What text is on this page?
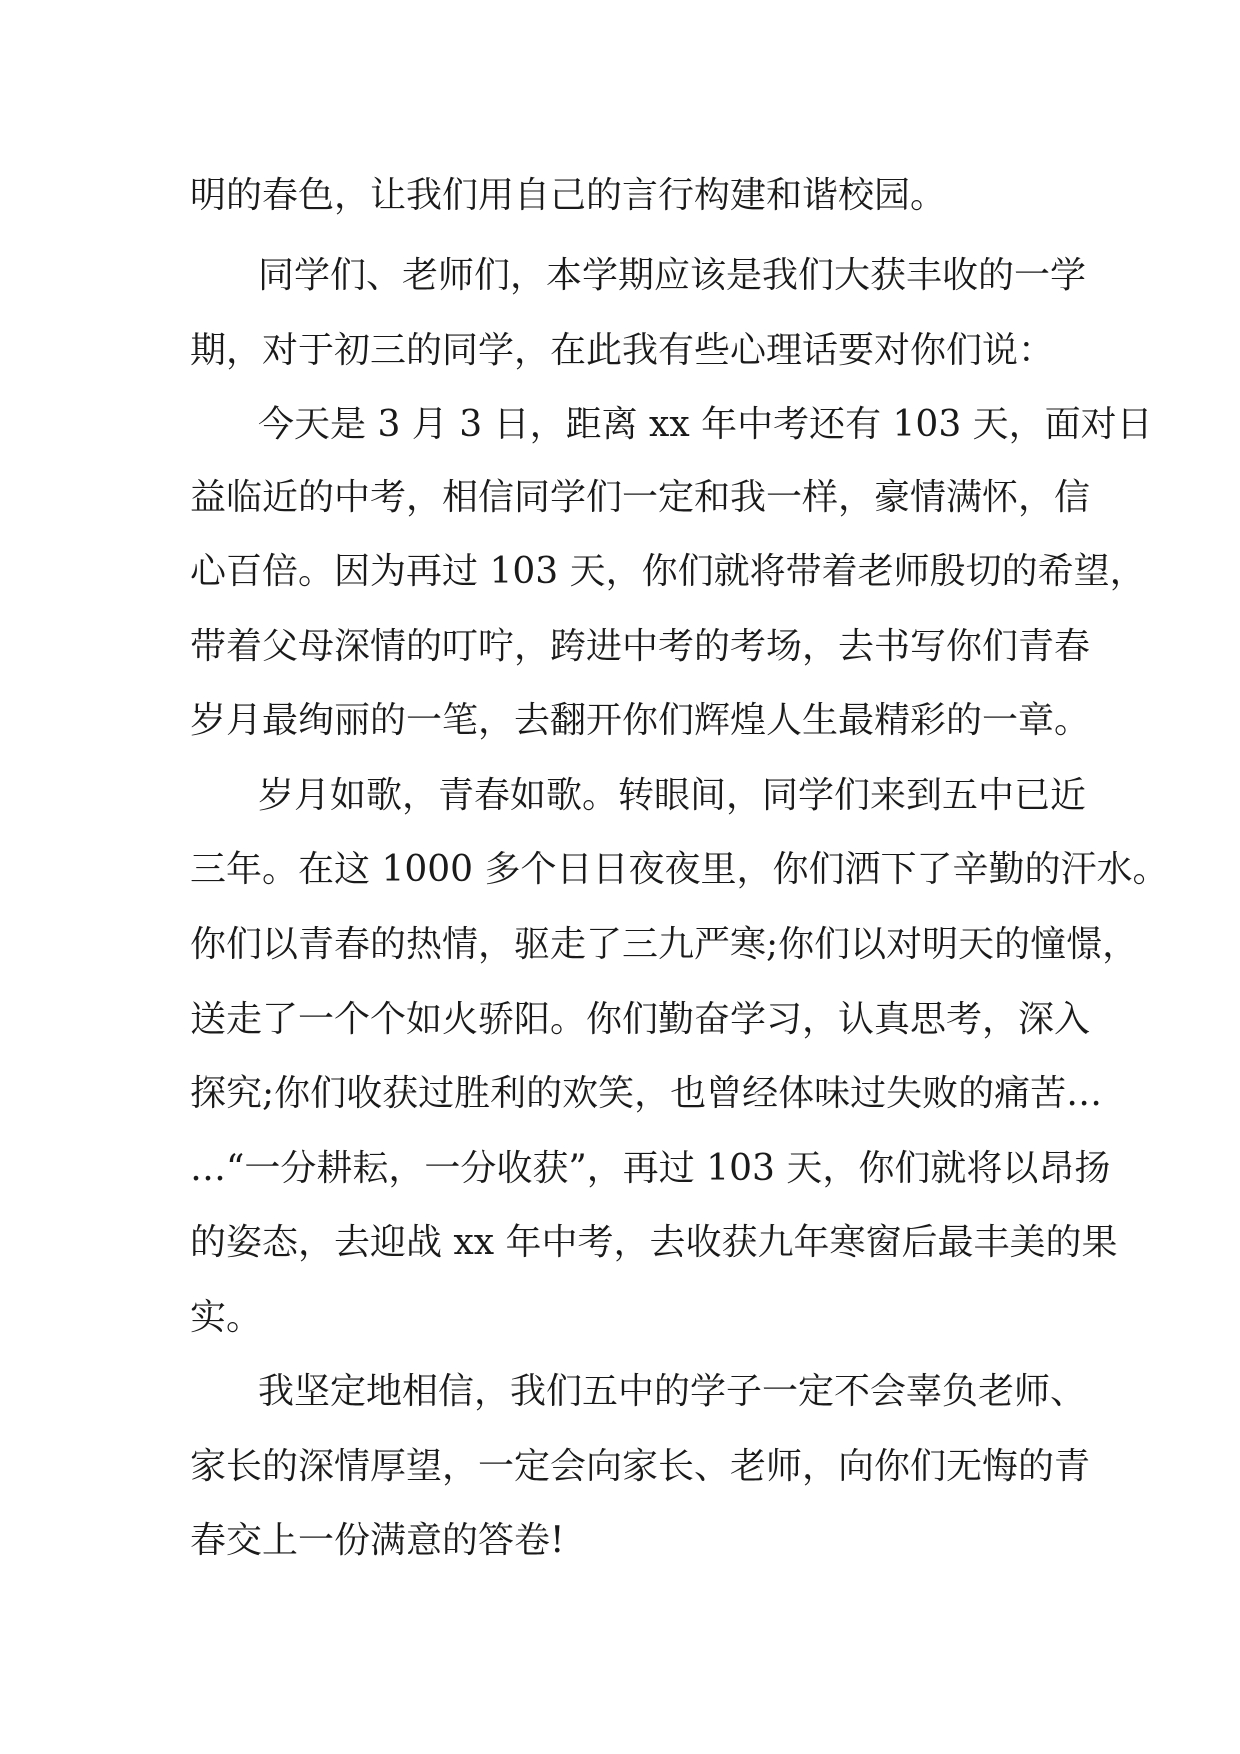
明的春色，让我们用自己的言行构建和谐校园。

同学们、老师们，本学期应该是我们大获丰收的一学

期，对于初三的同学，在此我有些心理话要对你们说：

今天是 3 月 3 日，距离 xx 年中考还有 103 天，面对日

益临近的中考，相信同学们一定和我一样，豪情满怀，信

心百倍。因为再过 103 天，你们就将带着老师殷切的希望，

带着父母深情的叮咛，跨进中考的考场，去书写你们青春

岁月最绚丽的一笔，去翻开你们辉煌人生最精彩的一章。

岁月如歌，青春如歌。转眼间，同学们来到五中已近

三年。在这 1000 多个日日夜夜里，你们洒下了辛勤的汗水。

你们以青春的热情，驱走了三九严寒;你们以对明天的憧憬，

送走了一个个如火骄阳。你们勤奋学习，认真思考，深入

探究;你们收获过胜利的欢笑，也曾经体味过失败的痛苦…

…“一分耕耘，一分收获”，再过 103 天，你们就将以昂扬

的姿态，去迎战 xx 年中考，去收获九年寒窗后最丰美的果

实。

我坚定地相信，我们五中的学子一定不会辜负老师、

家长的深情厚望，一定会向家长、老师，向你们无悔的青

春交上一份满意的答卷!
